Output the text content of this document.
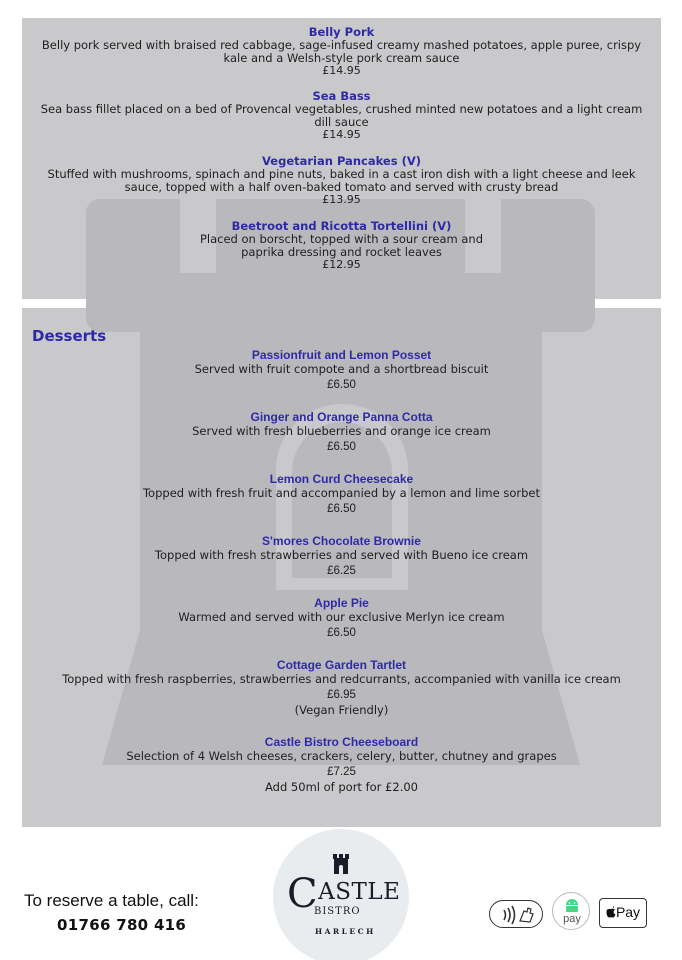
Belly Pork
Belly pork served with braised red cabbage, sage-infused creamy mashed potatoes, apple puree, crispy kale and a Welsh-style pork cream sauce
£14.95
Sea Bass
Sea bass fillet placed on a bed of Provencal vegetables, crushed minted new potatoes and a light cream dill sauce
£14.95
Vegetarian Pancakes (V)
Stuffed with mushrooms, spinach and pine nuts, baked in a cast iron dish with a light cheese and leek sauce, topped with a half oven-baked tomato and served with crusty bread
£13.95
Beetroot and Ricotta Tortellini (V)
Placed on borscht, topped with a sour cream and paprika dressing and rocket leaves
£12.95
Desserts
Passionfruit and Lemon Posset
Served with fruit compote and a shortbread biscuit
£6.50
Ginger and Orange Panna Cotta
Served with fresh blueberries and orange ice cream
£6.50
Lemon Curd Cheesecake
Topped with fresh fruit and accompanied by a lemon and lime sorbet
£6.50
S'mores Chocolate Brownie
Topped with fresh strawberries and served with Bueno ice cream
£6.25
Apple Pie
Warmed and served with our exclusive Merlyn ice cream
£6.50
Cottage Garden Tartlet
Topped with fresh raspberries, strawberries and redcurrants, accompanied with vanilla ice cream
£6.95
(Vegan Friendly)
Castle Bistro Cheeseboard
Selection of 4 Welsh cheeses, crackers, celery, butter, chutney and grapes
£7.25
Add 50ml of port for £2.00
To reserve a table, call:
01766 780 416
CASTLE
BISTRO
HARLECH
pay	Pay
